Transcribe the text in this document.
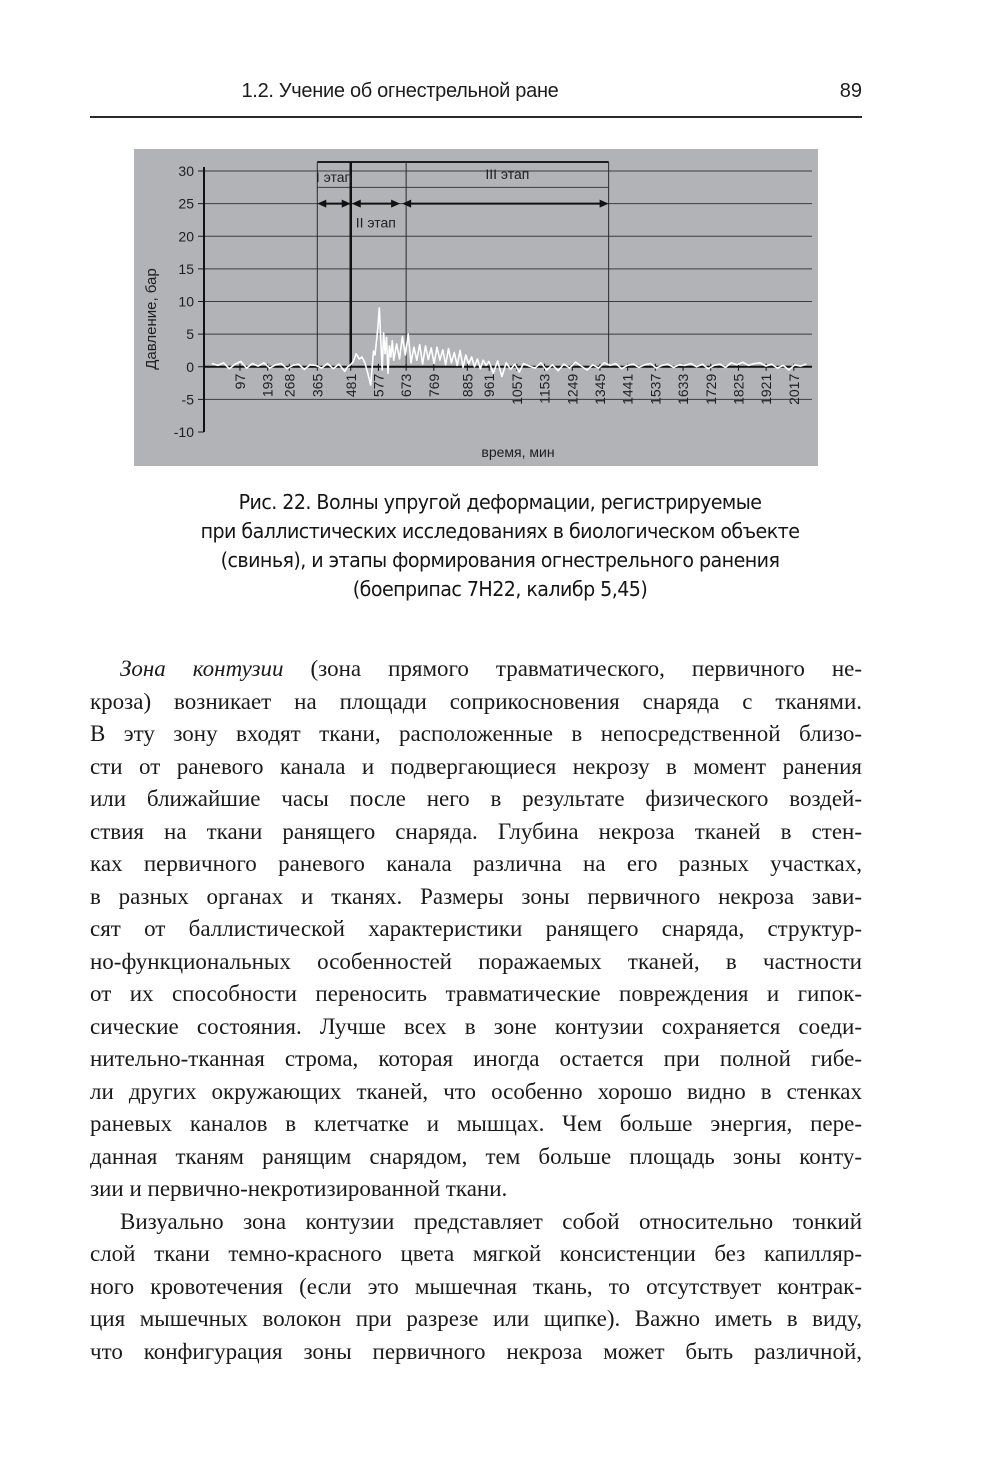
1.2. Учение об огнестрельной ране	89
I этап
II этап
III этап
30
25
20
15
10
5
0
-5
-10
97 193 268 365 481 577 673 769 885 961 1057 1153 1249 1345 1441 1537 1633 1729 1825 1921 2017
Давление, бар
время, мин
Рис. 22. Волны упругой деформации, регистрируемые
при баллистических исследованиях в биологическом объекте
(свинья), и этапы формирования огнестрельного ранения
(боеприпас 7Н22, калибр 5,45)
Зона контузии (зона прямого травматического, первичного не-
кроза) возникает на площади соприкосновения снаряда с тканями.
В эту зону входят ткани, расположенные в непосредственной близо-
сти от раневого канала и подвергающиеся некрозу в момент ранения
или ближайшие часы после него в результате физического воздей-
ствия на ткани ранящего снаряда. Глубина некроза тканей в стен-
ках первичного раневого канала различна на его разных участках,
в разных органах и тканях. Размеры зоны первичного некроза зави-
сят от баллистической характеристики ранящего снаряда, структур-
но-функциональных особенностей поражаемых тканей, в частности
от их способности переносить травматические повреждения и гипок-
сические состояния. Лучше всех в зоне контузии сохраняется соеди-
нительно-тканная строма, которая иногда остается при полной гибе-
ли других окружающих тканей, что особенно хорошо видно в стенках
раневых каналов в клетчатке и мышцах. Чем больше энергия, пере-
данная тканям ранящим снарядом, тем больше площадь зоны конту-
зии и первично-некротизированной ткани.
Визуально зона контузии представляет собой относительно тонкий
слой ткани темно-красного цвета мягкой консистенции без капилляр-
ного кровотечения (если это мышечная ткань, то отсутствует контрак-
ция мышечных волокон при разрезе или щипке). Важно иметь в виду,
что конфигурация зоны первичного некроза может быть различной,
